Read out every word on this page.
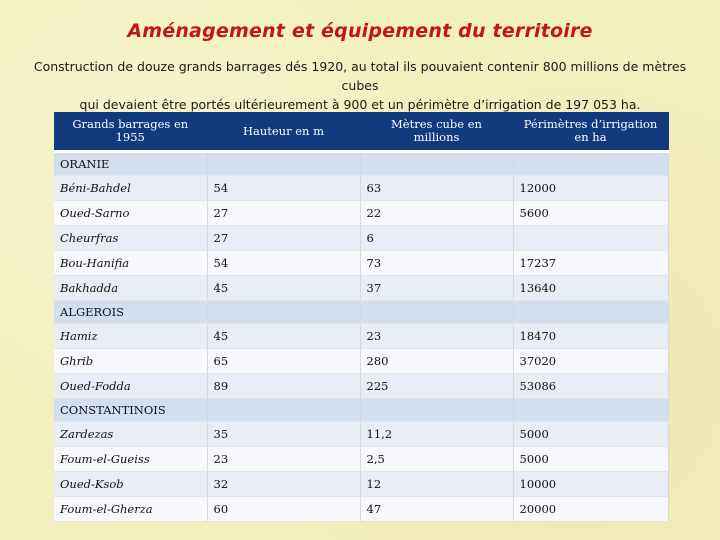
Aménagement et équipement du territoire
Construction de douze grands barrages dés 1920, au total ils pouvaient contenir 800 millions de mètres cubes
qui devaient être portés ultérieurement à 900 et un périmètre d’irrigation de 197 053 ha.
Grands barrages en 1955	Hauteur en m	Mètres cube en millions	Périmètres d’irrigation en ha
ORANIE			
Béni-Bahdel	54	63	12000
Oued-Sarno	27	22	5600
Cheurfras	27	6	
Bou-Hanifia	54	73	17237
Bakhadda	45	37	13640
ALGEROIS			
Hamiz	45	23	18470
Ghrib	65	280	37020
Oued-Fodda	89	225	53086
CONSTANTINOIS			
Zardezas	35	11,2	5000
Foum-el-Gueiss	23	2,5	5000
Oued-Ksob	32	12	10000
Foum-el-Gherza	60	47	20000
